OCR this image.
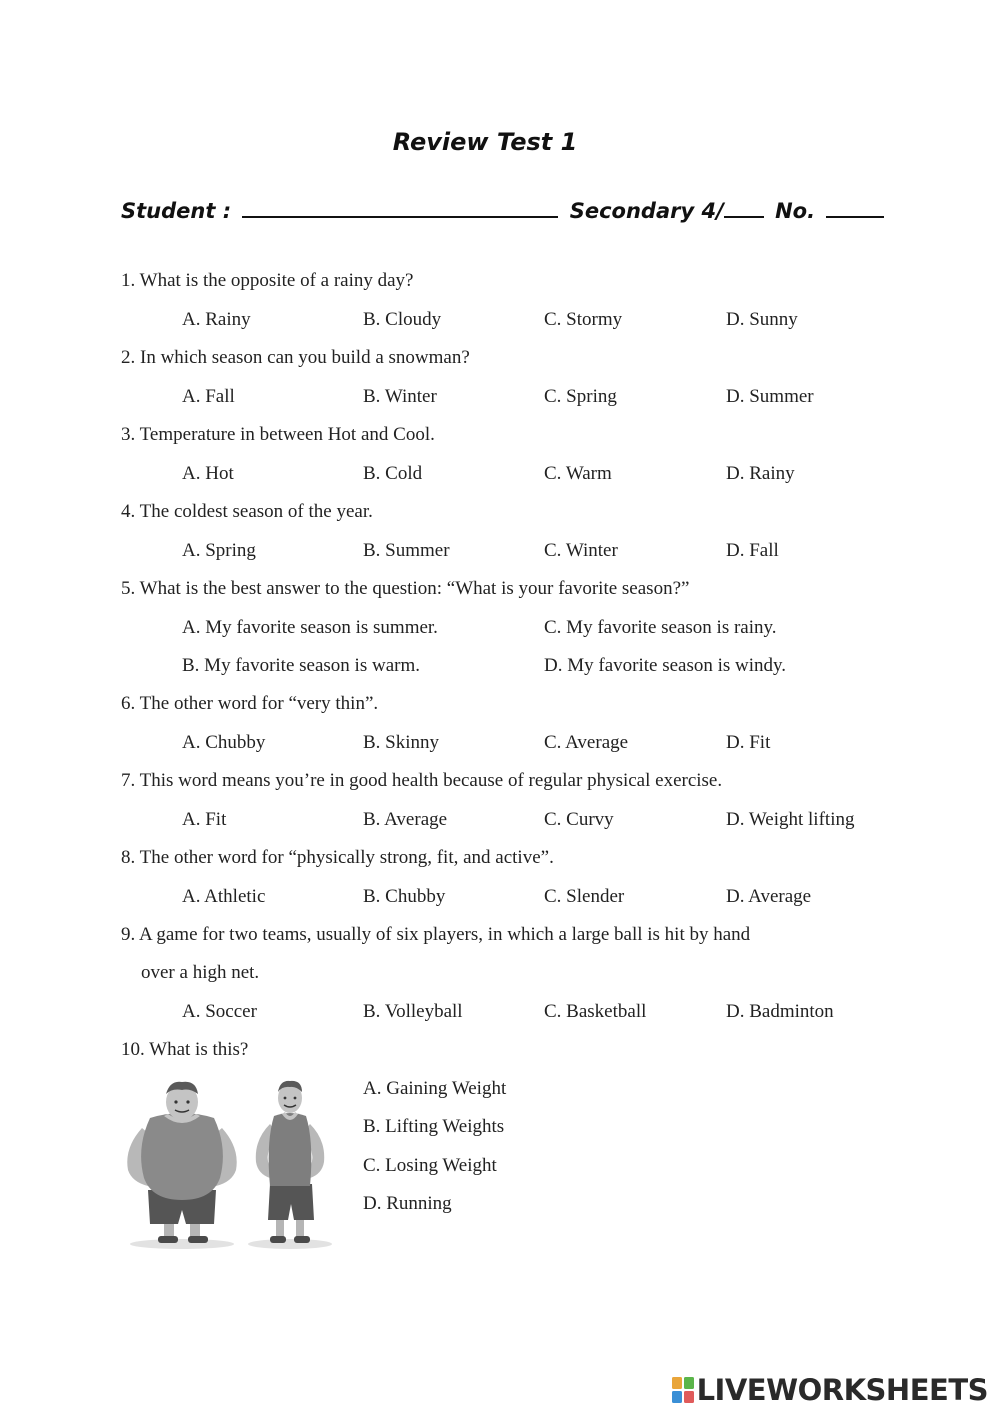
Review Test 1
Student :	Secondary 4/ No.
1. What is the opposite of a rainy day?
A. Rainy	B. Cloudy	C. Stormy	D. Sunny
2. In which season can you build a snowman?
A. Fall	B. Winter	C. Spring	D. Summer
3. Temperature in between Hot and Cool.
A. Hot	B. Cold	C. Warm	D. Rainy
4. The coldest season of the year.
A. Spring	B. Summer	C. Winter	D. Fall
5. What is the best answer to the question: “What is your favorite season?”
A. My favorite season is summer.	C. My favorite season is rainy.
B. My favorite season is warm.	D. My favorite season is windy.
6. The other word for “very thin”.
A. Chubby	B. Skinny	C. Average	D. Fit
7. This word means you’re in good health because of regular physical exercise.
A. Fit	B. Average	C. Curvy	D. Weight lifting
8. The other word for “physically strong, fit, and active”.
A. Athletic	B. Chubby	C. Slender	D. Average
9. A game for two teams, usually of six players, in which a large ball is hit by hand
over a high net.
A. Soccer	B. Volleyball	C. Basketball	D. Badminton
10. What is this?
A. Gaining Weight
B. Lifting Weights
C. Losing Weight
D. Running
LIVEWORKSHEETS
